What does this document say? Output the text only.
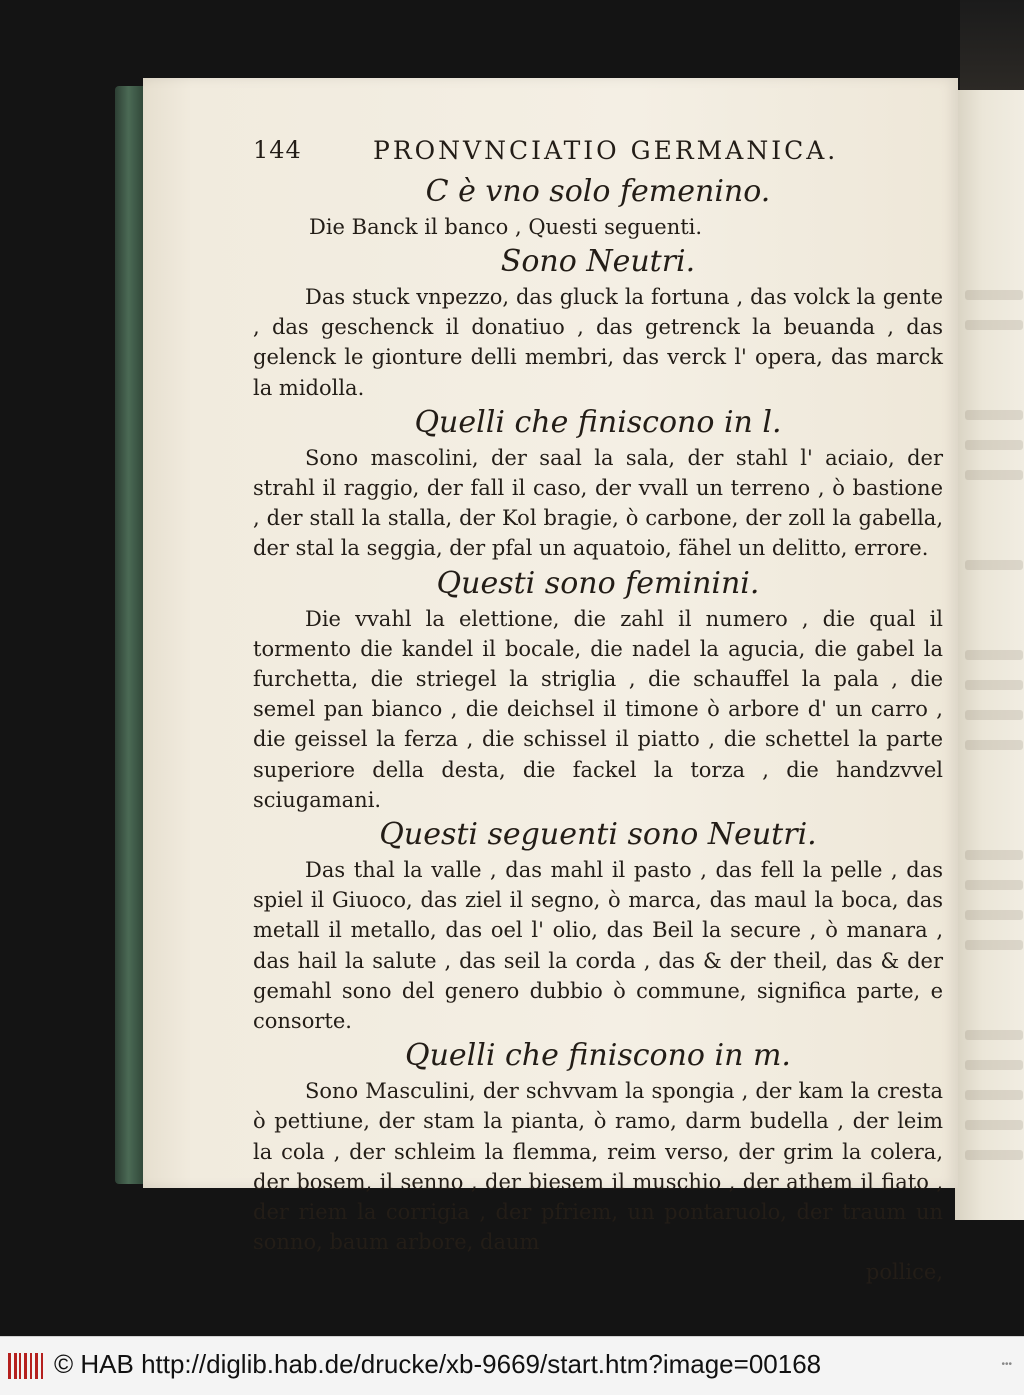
144	PRONVNCIATIO GERMANICA.

C è vno solo femenino.

Die Banck il banco , Questi seguenti.

Sono Neutri.

Das stuck vnpezzo, das gluck la fortuna , das volck la gente , das geschenck il donatiuo , das getrenck la beuanda , das gelenck le gionture delli membri, das verck l' opera, das marck la midolla.

Quelli che finiscono in l.

Sono mascolini, der saal la sala, der stahl l' aciaio, der strahl il raggio, der fall il caso, der vvall un terreno , ò bastione , der stall la stalla, der Kol bragie, ò carbone, der zoll la gabella, der stal la seggia, der pfal un aquatoio, fähel un delitto, errore.

Questi sono feminini.

Die vvahl la elettione, die zahl il numero , die qual il tormento die kandel il bocale, die nadel la agucia, die gabel la furchetta, die striegel la striglia , die schauffel la pala , die semel pan bianco , die deichsel il timone ò arbore d' un carro , die geissel la ferza , die schissel il piatto , die schettel la parte superiore della desta, die fackel la torza , die handzvvel sciugamani.

Questi seguenti sono Neutri.

Das thal la valle , das mahl il pasto , das fell la pelle , das spiel il Giuoco, das ziel il segno, ò marca, das maul la boca, das metall il metallo, das oel l' olio, das Beil la secure , ò manara , das hail la salute , das seil la corda , das & der theil, das & der gemahl sono del genero dubbio ò commune, significa parte, e consorte.

Quelli che finiscono in m.

Sono Masculini, der schvvam la spongia , der kam la cresta ò pettiune, der stam la pianta, ò ramo, darm budella , der leim la cola , der schleim la flemma, reim verso, der grim la colera, der bosem, il senno , der biesem il muschio , der athem il fiato , der riem la corrigia , der pfriem, un pontaruolo, der traum un sonno, baum arbore, daum

pollice,

© HAB http://diglib.hab.de/drucke/xb-9669/start.htm?image=00168	•••
